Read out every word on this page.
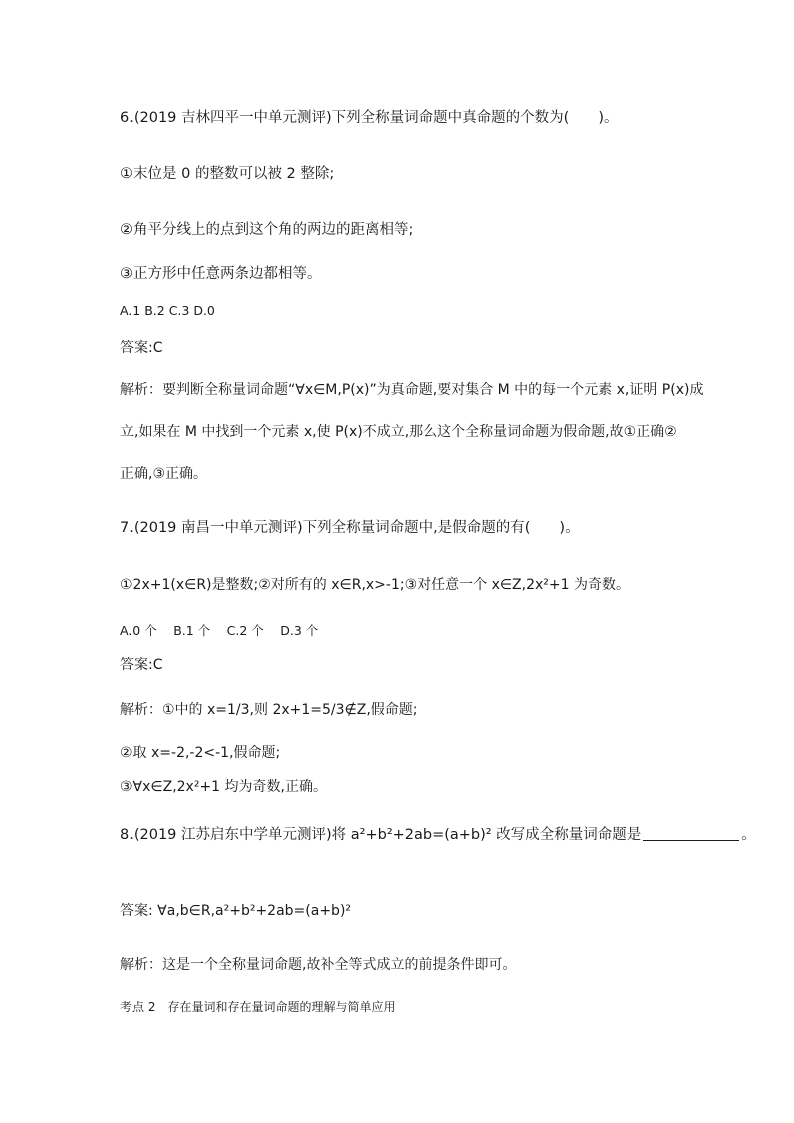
6.(2019 吉林四平一中单元测评)下列全称量词命题中真命题的个数为(　　)。
①末位是 0 的整数可以被 2 整除;
②角平分线上的点到这个角的两边的距离相等;
③正方形中任意两条边都相等。
A.1 B.2 C.3 D.0
答案:C
解析：要判断全称量词命题“∀x∈M,P(x)”为真命题,要对集合 M 中的每一个元素 x,证明 P(x)成
立,如果在 M 中找到一个元素 x,使 P(x)不成立,那么这个全称量词命题为假命题,故①正确②
正确,③正确。
7.(2019 南昌一中单元测评)下列全称量词命题中,是假命题的有(　　)。
①2x+1(x∈R)是整数;②对所有的 x∈R,x>-1;③对任意一个 x∈Z,2x²+1 为奇数。
A.0 个　 B.1 个　 C.2 个　 D.3 个
答案:C
解析：①中的 x=1/3,则 2x+1=5/3∉Z,假命题;
②取 x=-2,-2<-1,假命题;
③∀x∈Z,2x²+1 均为奇数,正确。
8.(2019 江苏启东中学单元测评)将 a²+b²+2ab=(a+b)² 改写成全称量词命题是	。
答案: ∀a,b∈R,a²+b²+2ab=(a+b)²
解析：这是一个全称量词命题,故补全等式成立的前提条件即可。
考点 2　存在量词和存在量词命题的理解与简单应用
